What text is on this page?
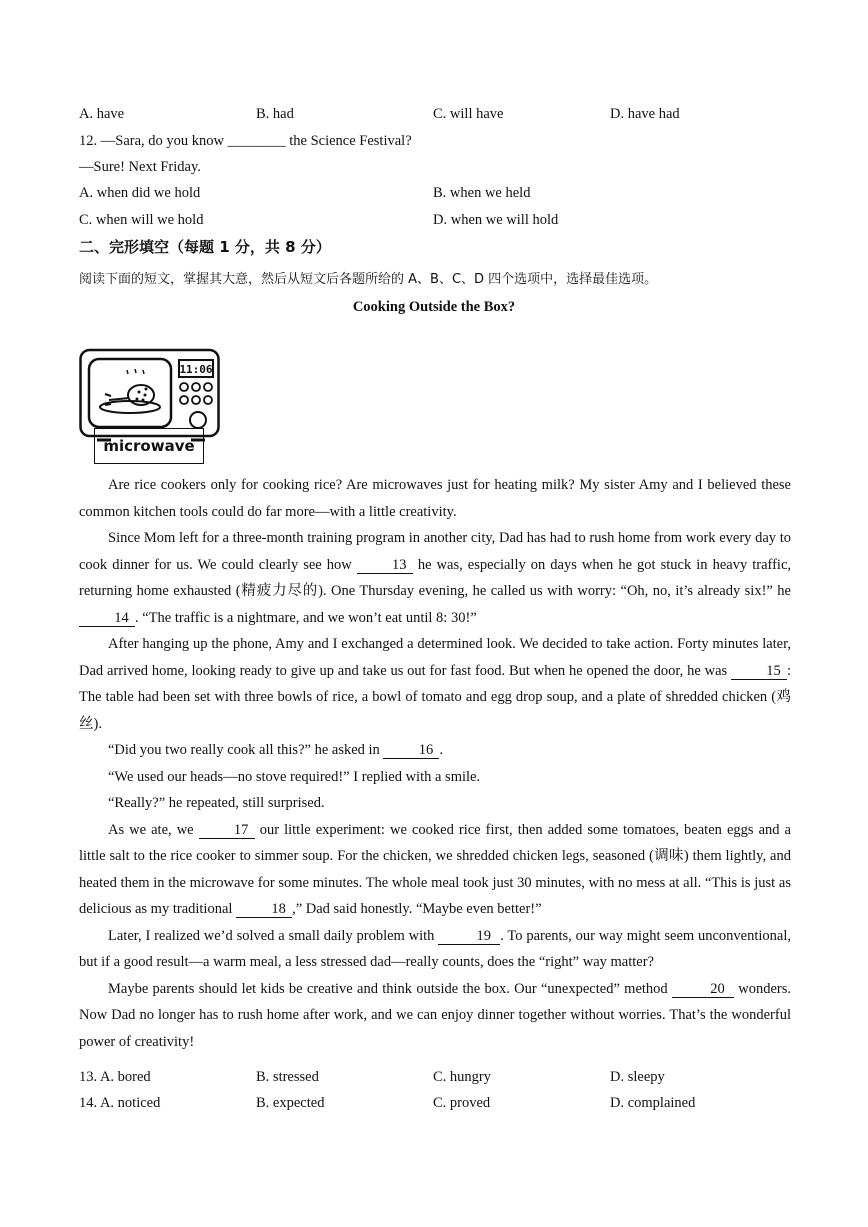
A. have	B. had	C. will have	D. have had
12. —Sara, do you know ________ the Science Festival?
—Sure! Next Friday.
A. when did we hold	B. when we held
C. when will we hold	D. when we will hold
二、完形填空（每题 1 分，共 8 分）
阅读下面的短文，掌握其大意，然后从短文后各题所给的 A、B、C、D 四个选项中，选择最佳选项。
Cooking Outside the Box?
11:06
microwave

Are rice cookers only for cooking rice? Are microwaves just for heating milk? My sister Amy and I believed these common kitchen tools could do far more—with a little creativity.

Since Mom left for a three-month training program in another city, Dad has had to rush home from work every day to cook dinner for us. We could clearly see how 13 he was, especially on days when he got stuck in heavy traffic, returning home exhausted (精疲力尽的). One Thursday evening, he called us with worry: “Oh, no, it’s already six!” he 14 . “The traffic is a nightmare, and we won’t eat until 8: 30!”

After hanging up the phone, Amy and I exchanged a determined look. We decided to take action. Forty minutes later, Dad arrived home, looking ready to give up and take us out for fast food. But when he opened the door, he was 15 : The table had been set with three bowls of rice, a bowl of tomato and egg drop soup, and a plate of shredded chicken (鸡丝).

“Did you two really cook all this?” he asked in 16 .

“We used our heads—no stove required!” I replied with a smile.

“Really?” he repeated, still surprised.

As we ate, we 17 our little experiment: we cooked rice first, then added some tomatoes, beaten eggs and a little salt to the rice cooker to simmer soup. For the chicken, we shredded chicken legs, seasoned (调味) them lightly, and heated them in the microwave for some minutes. The whole meal took just 30 minutes, with no mess at all. “This is just as delicious as my traditional 18 ,” Dad said honestly. “Maybe even better!”

Later, I realized we’d solved a small daily problem with	19 . To parents, our way might seem unconventional, but if a good result—a warm meal, a less stressed dad—really counts, does the “right” way matter?

Maybe parents should let kids be creative and think outside the box. Our “unexpected” method	20 wonders. Now Dad no longer has to rush home after work, and we can enjoy dinner together without worries. That’s the wonderful power of creativity!

13. A. bored	B. stressed	C. hungry	D. sleepy
14. A. noticed	B. expected	C. proved	D. complained
